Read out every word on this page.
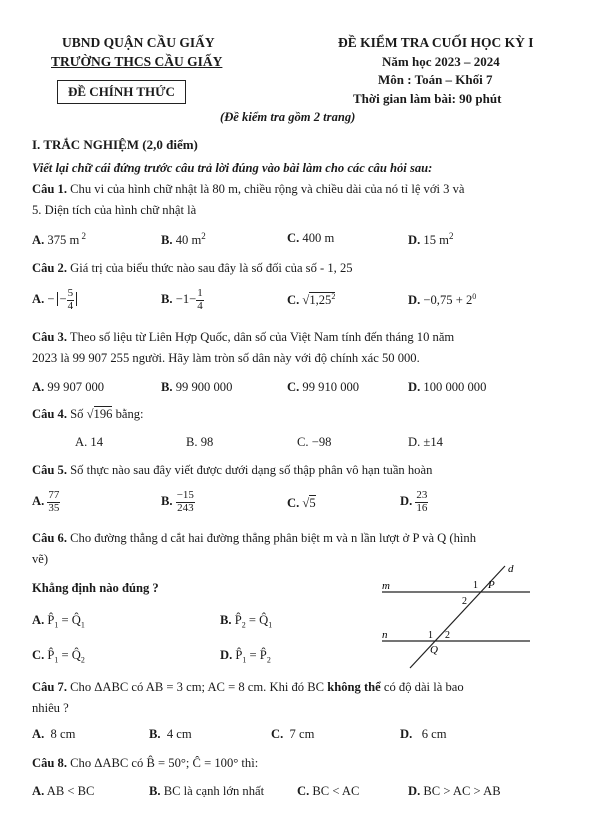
UBND QUẬN CẦU GIẤY
TRƯỜNG THCS CẦU GIẤY
ĐỀ CHÍNH THỨC
ĐỀ KIỂM TRA CUỐI HỌC KỲ I
Năm học 2023 – 2024
Môn : Toán – Khối 7
Thời gian làm bài: 90 phút
(Đề kiểm tra gồm 2 trang)
I. TRẮC NGHIỆM (2,0 điểm)
Viết lại chữ cái đứng trước câu trả lời đúng vào bài làm cho các câu hỏi sau:
Câu 1. Chu vi của hình chữ nhật là 80 m, chiều rộng và chiều dài của nó tỉ lệ với 3 và
5. Diện tích của hình chữ nhật là
A. 375 m $^2$	B. 40 $m^2$	C. 400 m	D. 15 $m^2$
Câu 2. Giá trị của biểu thức nào sau đây là số đối của số - 1, 25
A. − − $\frac{5}{4}$	B. $-1- \frac{1}{4}$	C. √1,25$^2$	D. $-0,75 + 2^0$
Câu 3. Theo số liệu từ Liên Hợp Quốc, dân số của Việt Nam tính đến tháng 10 năm
2023 là 99 907 255 người. Hãy làm tròn số dân này với độ chính xác 50 000.
A. 99 907 000	B. 99 900 000	C. 99 910 000	D. 100 000 000
Câu 4. Số √196 bằng:
A. 14	B. 98	C. −98	D. ±14
Câu 5. Số thực nào sau đây viết được dưới dạng số thập phân vô hạn tuần hoàn
A. $\frac{77}{35}$	B. $\frac{-15}{243}$	C. √5	D. $\frac{23}{16}$
Câu 6. Cho đường thẳng d cắt hai đường thẳng phân biệt m và n lần lượt ở P và Q (hình
vẽ)
Khẳng định nào đúng ?
A. $P̂_1$ = $Q̂_1$	B. $P̂_2$ = $Q̂_1$
C. $P̂_1$ = $Q̂_2$	D. $P̂_1$ = $P̂_2$
d
m
n
1 P
2
1 2
Q
Câu 7. Cho ΔABC có AB = 3 cm; AC = 8 cm. Khi đó BC không thể có độ dài là bao
nhiêu ?
A. 8 cm	B. 4 cm	C. 7 cm	D. 6 cm
Câu 8. Cho ΔABC có B̂ = 50°; Ĉ = 100° thì:
A. AB < BC	B. BC là cạnh lớn nhất	C. BC < AC	D. BC > AC > AB
